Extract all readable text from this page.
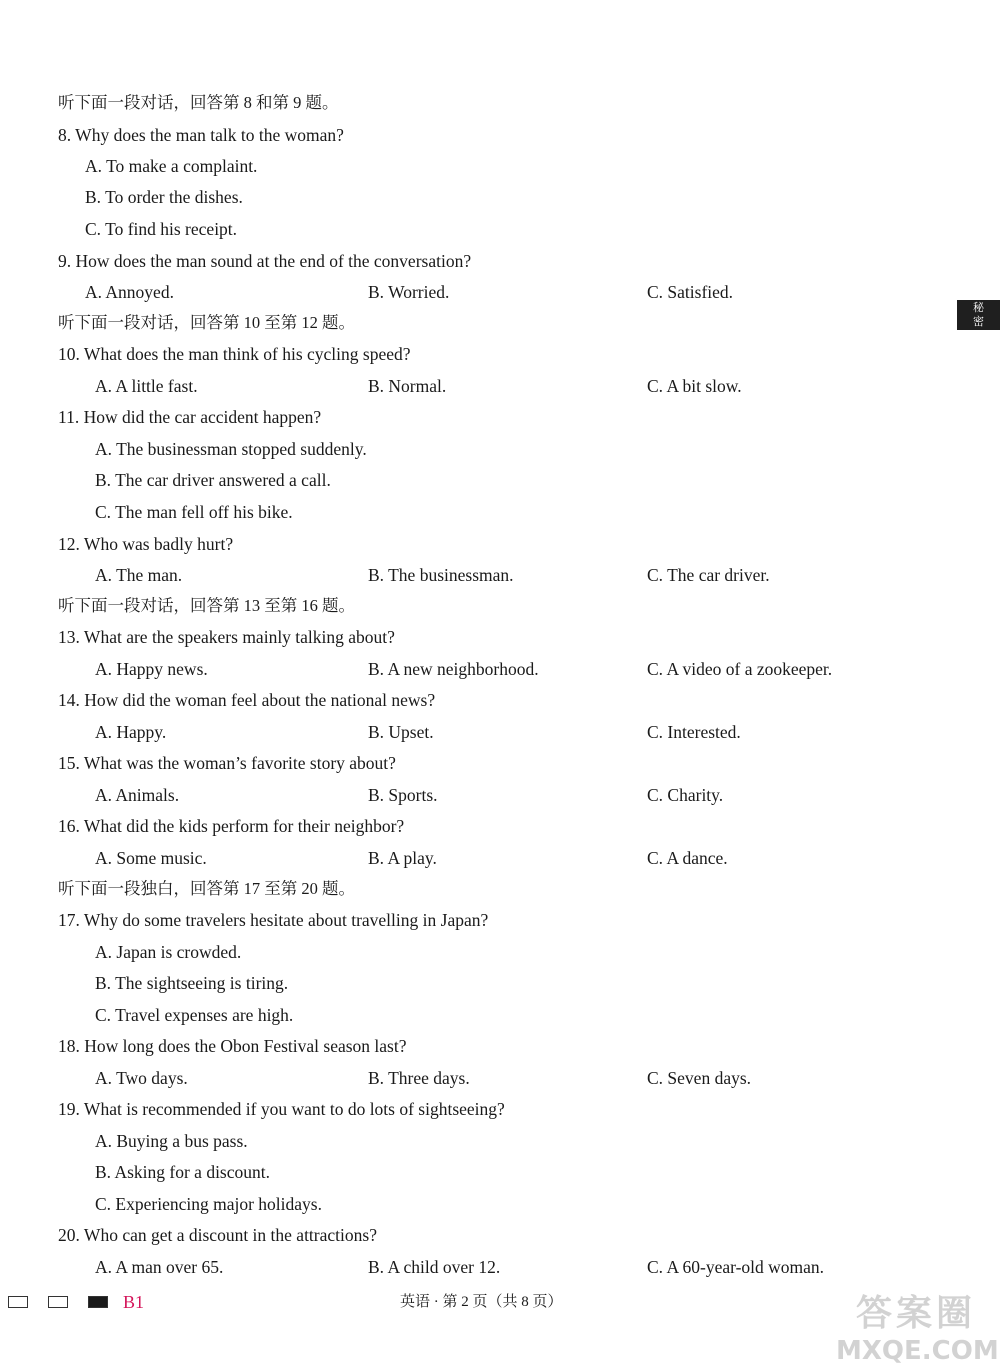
听下面一段对话，回答第 8 和第 9 题。
8. Why does the man talk to the woman?
A. To make a complaint.
B. To order the dishes.
C. To find his receipt.
9. How does the man sound at the end of the conversation?
A. Annoyed.	B. Worried.	C. Satisfied.
听下面一段对话，回答第 10 至第 12 题。
10. What does the man think of his cycling speed?
A. A little fast.	B. Normal.	C. A bit slow.
11. How did the car accident happen?
A. The businessman stopped suddenly.
B. The car driver answered a call.
C. The man fell off his bike.
12. Who was badly hurt?
A. The man.	B. The businessman.	C. The car driver.
听下面一段对话，回答第 13 至第 16 题。
13. What are the speakers mainly talking about?
A. Happy news.	B. A new neighborhood.	C. A video of a zookeeper.
14. How did the woman feel about the national news?
A. Happy.	B. Upset.	C. Interested.
15. What was the woman’s favorite story about?
A. Animals.	B. Sports.	C. Charity.
16. What did the kids perform for their neighbor?
A. Some music.	B. A play.	C. A dance.
听下面一段独白，回答第 17 至第 20 题。
17. Why do some travelers hesitate about travelling in Japan?
A. Japan is crowded.
B. The sightseeing is tiring.
C. Travel expenses are high.
18. How long does the Obon Festival season last?
A. Two days.	B. Three days.	C. Seven days.
19. What is recommended if you want to do lots of sightseeing?
A. Buying a bus pass.
B. Asking for a discount.
C. Experiencing major holidays.
20. Who can get a discount in the attractions?
A. A man over 65.	B. A child over 12.	C. A 60-year-old woman.
秘
密
B1	英语 · 第 2 页（共 8 页）	答案圈
MXQE.COM
